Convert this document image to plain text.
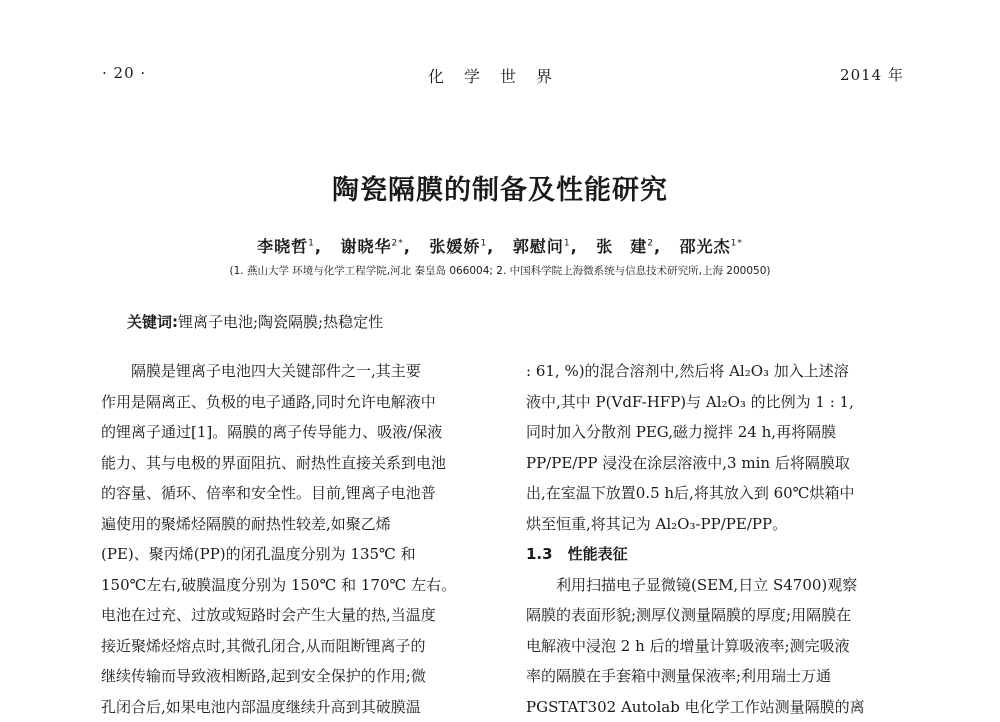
· 20 ·	化学世界	2014 年

陶瓷隔膜的制备及性能研究
李晓哲$^1$, 谢晓华$^{2*}$, 张媛娇$^1$, 郭慰问$^1$, 张　建$^2$, 邵光杰$^{1*}$

(1. 燕山大学 环境与化学工程学院,河北 秦皇岛 066004; 2. 中国科学院上海微系统与信息技术研究所,上海 200050)

关键词:锂离子电池;陶瓷隔膜;热稳定性

隔膜是锂离子电池四大关键部件之一,其主要
作用是隔离正、负极的电子通路,同时允许电解液中
的锂离子通过[1]。隔膜的离子传导能力、吸液/保液
能力、其与电极的界面阻抗、耐热性直接关系到电池
的容量、循环、倍率和安全性。目前,锂离子电池普
遍使用的聚烯烃隔膜的耐热性较差,如聚乙烯
(PE)、聚丙烯(PP)的闭孔温度分别为 135℃ 和
150℃左右,破膜温度分别为 150℃ 和 170℃ 左右。
电池在过充、过放或短路时会产生大量的热,当温度
接近聚烯烃熔点时,其微孔闭合,从而阻断锂离子的
继续传输而导致液相断路,起到安全保护的作用;微
孔闭合后,如果电池内部温度继续升高到其破膜温
: 61, %)的混合溶剂中,然后将 Al₂O₃ 加入上述溶
液中,其中 P(VdF-HFP)与 Al₂O₃ 的比例为 1 : 1,
同时加入分散剂 PEG,磁力搅拌 24 h,再将隔膜
PP/PE/PP 浸没在涂层溶液中,3 min 后将隔膜取
出,在室温下放置0.5 h后,将其放入到 60℃烘箱中
烘至恒重,将其记为 Al₂O₃-PP/PE/PP。
1.3　性能表征
利用扫描电子显微镜(SEM,日立 S4700)观察
隔膜的表面形貌;测厚仪测量隔膜的厚度;用隔膜在
电解液中浸泡 2 h 后的增量计算吸液率;测完吸液
率的隔膜在手套箱中测量保液率;利用瑞士万通
PGSTAT302 Autolab 电化学工作站测量隔膜的离
